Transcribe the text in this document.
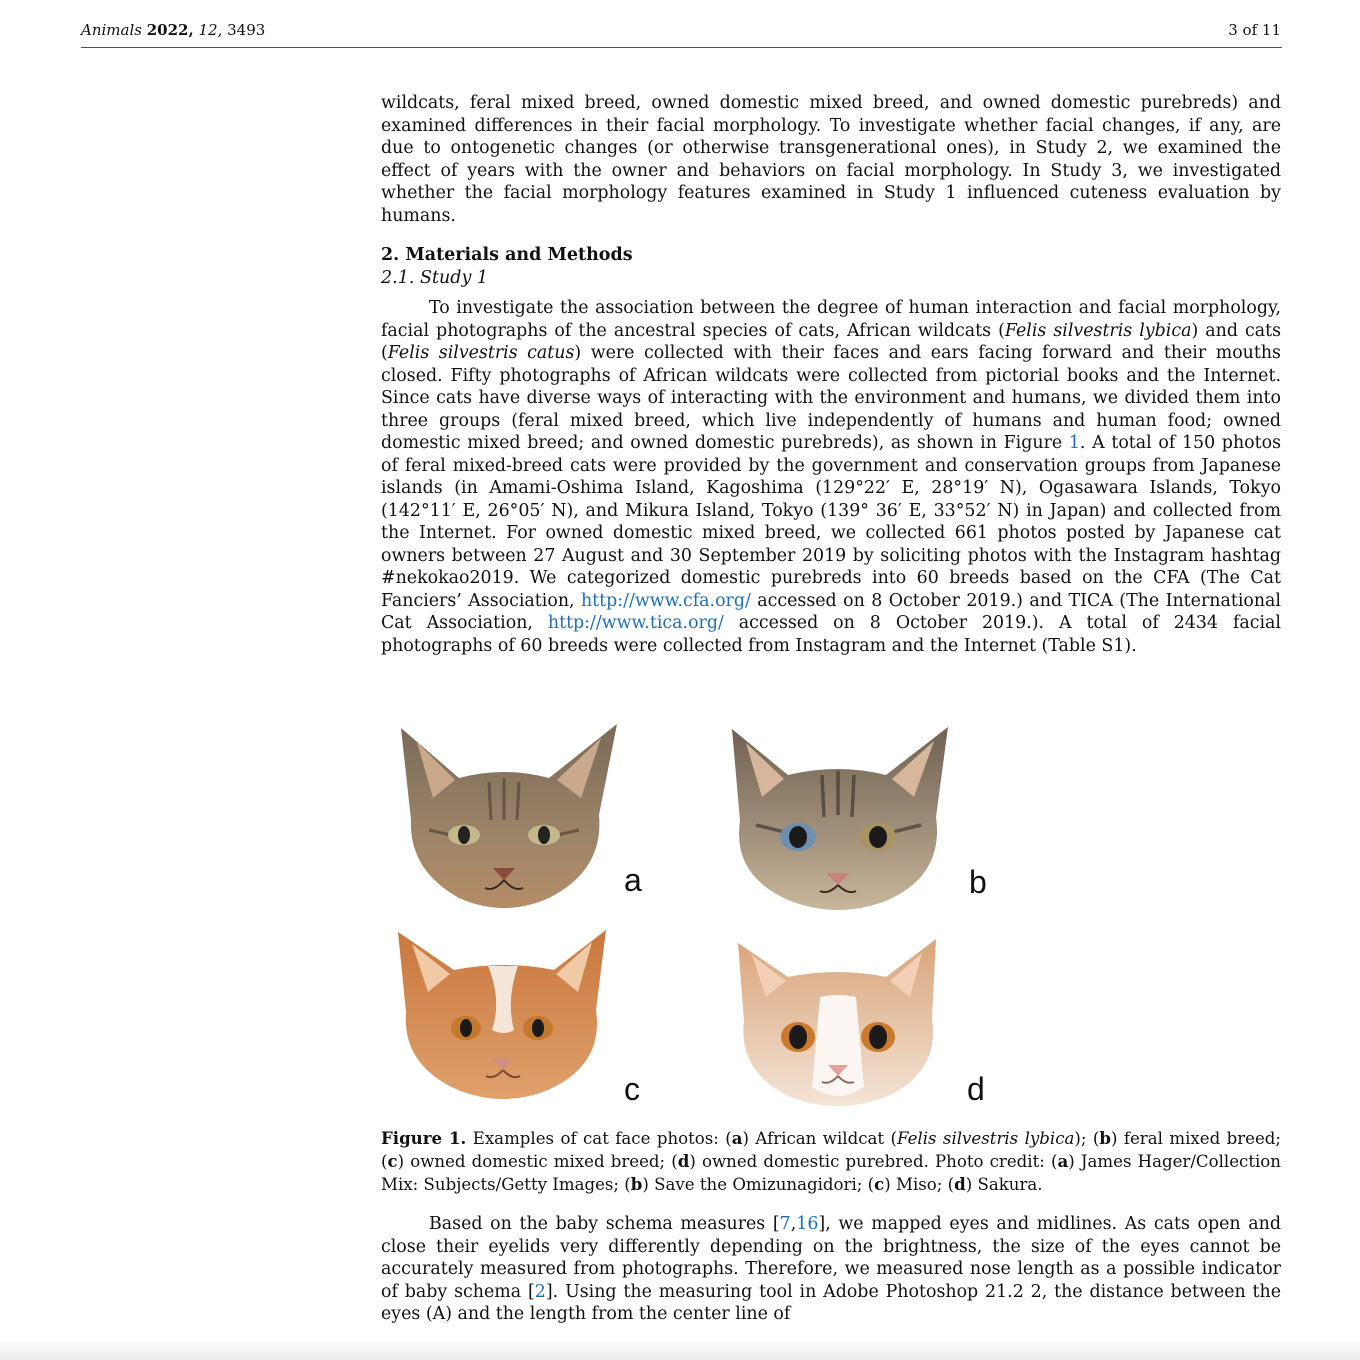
Animals 2022, 12, 3493	3 of 11

wildcats, feral mixed breed, owned domestic mixed breed, and owned domestic purebreds) and examined differences in their facial morphology. To investigate whether facial changes, if any, are due to ontogenetic changes (or otherwise transgenerational ones), in Study 2, we examined the effect of years with the owner and behaviors on facial morphology. In Study 3, we investigated whether the facial morphology features examined in Study 1 influenced cuteness evaluation by humans.

2. Materials and Methods

2.1. Study 1

To investigate the association between the degree of human interaction and facial morphology, facial photographs of the ancestral species of cats, African wildcats (Felis silvestris lybica) and cats (Felis silvestris catus) were collected with their faces and ears facing forward and their mouths closed. Fifty photographs of African wildcats were collected from pictorial books and the Internet. Since cats have diverse ways of interacting with the environment and humans, we divided them into three groups (feral mixed breed, which live independently of humans and human food; owned domestic mixed breed; and owned domestic purebreds), as shown in Figure 1. A total of 150 photos of feral mixed-breed cats were provided by the government and conservation groups from Japanese islands (in Amami-Oshima Island, Kagoshima (129°22′ E, 28°19′ N), Ogasawara Islands, Tokyo (142°11′ E, 26°05′ N), and Mikura Island, Tokyo (139° 36′ E, 33°52′ N) in Japan) and collected from the Internet. For owned domestic mixed breed, we collected 661 photos posted by Japanese cat owners between 27 August and 30 September 2019 by soliciting photos with the Instagram hashtag #nekokao2019. We categorized domestic purebreds into 60 breeds based on the CFA (The Cat Fanciers’ Association, http://www.cfa.org/ accessed on 8 October 2019.) and TICA (The International Cat Association, http://www.tica.org/ accessed on 8 October 2019.). A total of 2434 facial photographs of 60 breeds were collected from Instagram and the Internet (Table S1).

a	b
c	d

Figure 1. Examples of cat face photos: (a) African wildcat (Felis silvestris lybica); (b) feral mixed breed; (c) owned domestic mixed breed; (d) owned domestic purebred. Photo credit: (a) James Hager/Collection Mix: Subjects/Getty Images; (b) Save the Omizunagidori; (c) Miso; (d) Sakura.

Based on the baby schema measures [7,16], we mapped eyes and midlines. As cats open and close their eyelids very differently depending on the brightness, the size of the eyes cannot be accurately measured from photographs. Therefore, we measured nose length as a possible indicator of baby schema [2]. Using the measuring tool in Adobe Photoshop 21.2 2, the distance between the eyes (A) and the length from the center line of
